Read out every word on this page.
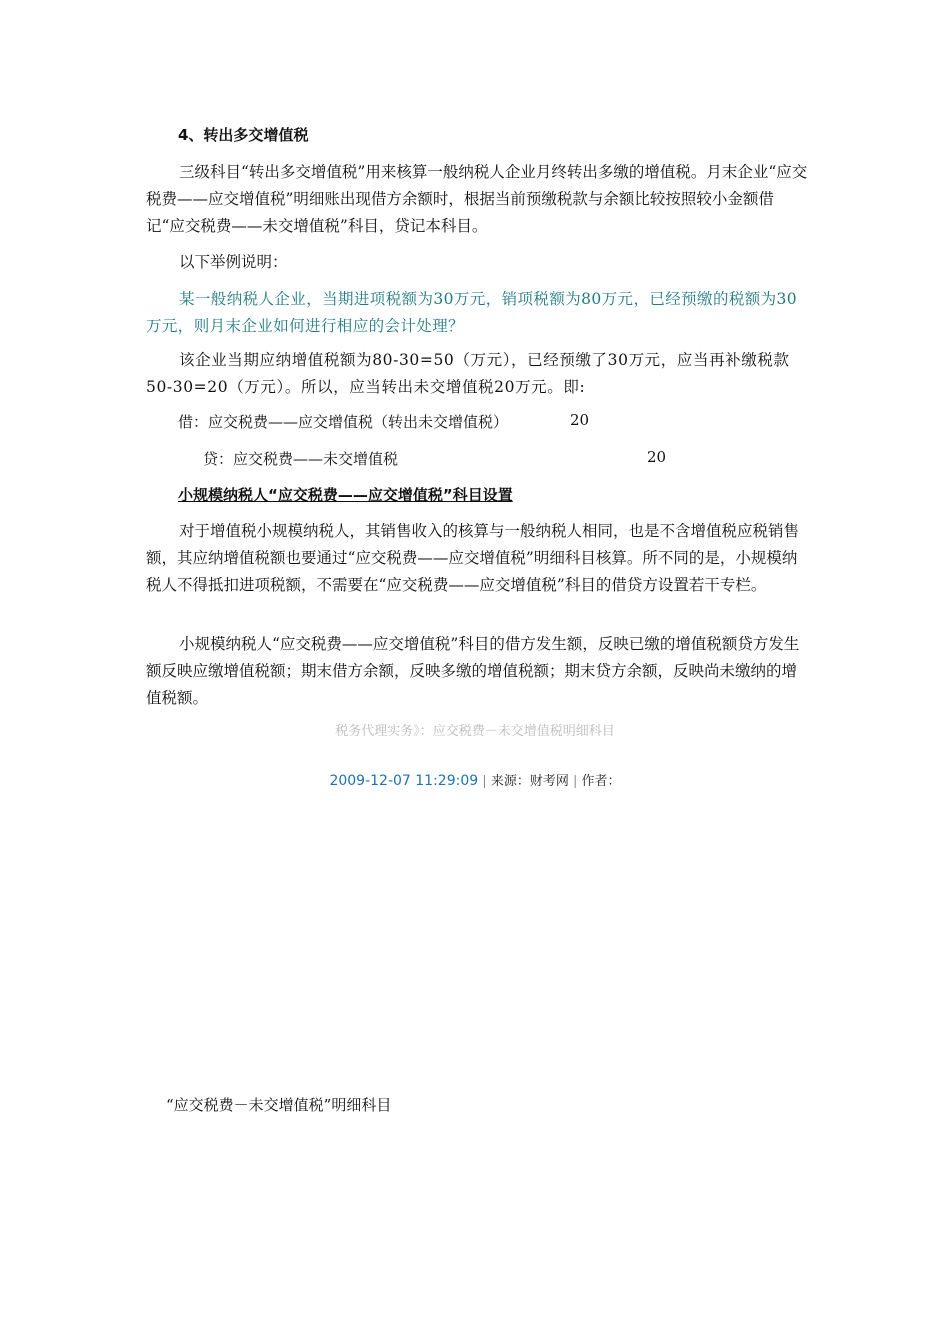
4、转出多交增值税
三级科目“转出多交增值税”用来核算一般纳税人企业月终转出多缴的增值税。月末企业“应交税费——应交增值税”明细账出现借方余额时，根据当前预缴税款与余额比较按照较小金额借记“应交税费——未交增值税”科目，贷记本科目。
以下举例说明：
某一般纳税人企业，当期进项税额为30万元，销项税额为80万元，已经预缴的税额为30万元，则月末企业如何进行相应的会计处理？
该企业当期应纳增值税额为80-30=50（万元），已经预缴了30万元，应当再补缴税款50-30=20（万元）。所以，应当转出未交增值税20万元。即:
借：应交税费——应交增值税（转出未交增值税）	20
贷：应交税费——未交增值税	20
小规模纳税人“应交税费——应交增值税”科目设置
对于增值税小规模纳税人，其销售收入的核算与一般纳税人相同，也是不含增值税应税销售额，其应纳增值税额也要通过“应交税费——应交增值税”明细科目核算。所不同的是，小规模纳税人不得抵扣进项税额，不需要在“应交税费——应交增值税”科目的借贷方设置若干专栏。
小规模纳税人“应交税费——应交增值税”科目的借方发生额，反映已缴的增值税额贷方发生额反映应缴增值税额；期末借方余额，反映多缴的增值税额；期末贷方余额，反映尚未缴纳的增值税额。
税务代理实务》：应交税费－未交增值税明细科目
2009-12-07 11:29:09 | 来源：财考网 | 作者：
“应交税费－未交增值税”明细科目
